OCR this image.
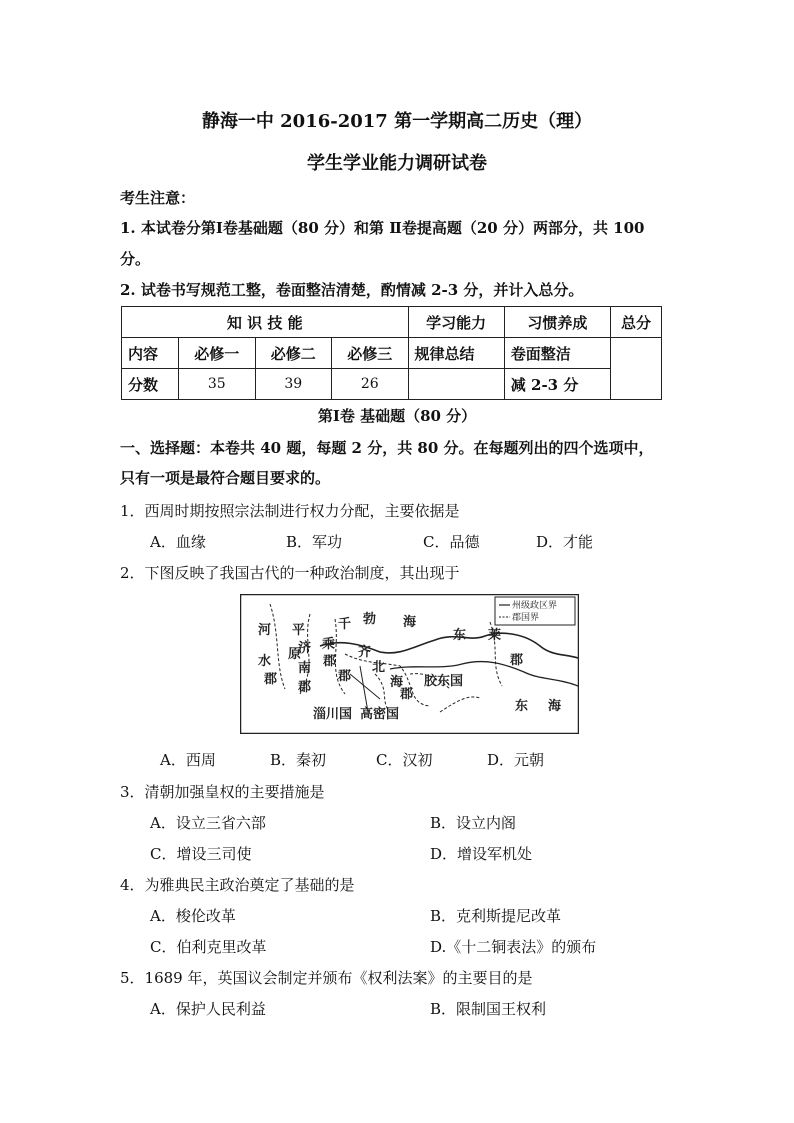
静海一中 2016-2017 第一学期高二历史（理）
学生学业能力调研试卷
考生注意：
1. 本试卷分第Ⅰ卷基础题（80 分）和第 Ⅱ卷提高题（20 分）两部分，共 100
分。
2. 试卷书写规范工整，卷面整洁清楚，酌情减 2-3 分，并计入总分。
知 识 技 能				学习能力	习惯养成	总分
内容	必修一	必修二	必修三	规律总结	卷面整洁	
分数	35	39	26		减 2-3 分	
第Ⅰ卷 基础题（80 分）
一、选择题：本卷共 40 题，每题 2 分，共 80 分。在每题列出的四个选项中，
只有一项是最符合题目要求的。
1．西周时期按照宗法制进行权力分配，主要依据是
A．血缘	B．军功	C．品德	D．才能
2．下图反映了我国古代的一种政治制度，其出现于
州级政区界
郡国界
河 平	千 勃 海
东 莱
原
水
郡
济 乘
齐
南 郡
郡
北
郡	胶东国
海
郡
郡
东 海
淄川国 高密国
A．西周	B．秦初	C．汉初	D．元朝
3．清朝加强皇权的主要措施是
A．设立三省六部	B．设立内阁
C．增设三司使	D．增设军机处
4．为雅典民主政治奠定了基础的是
A．梭伦改革	B．克利斯提尼改革
C．伯利克里改革	D.《十二铜表法》的颁布
5．1689 年，英国议会制定并颁布《权利法案》的主要目的是
A．保护人民利益	B．限制国王权利
